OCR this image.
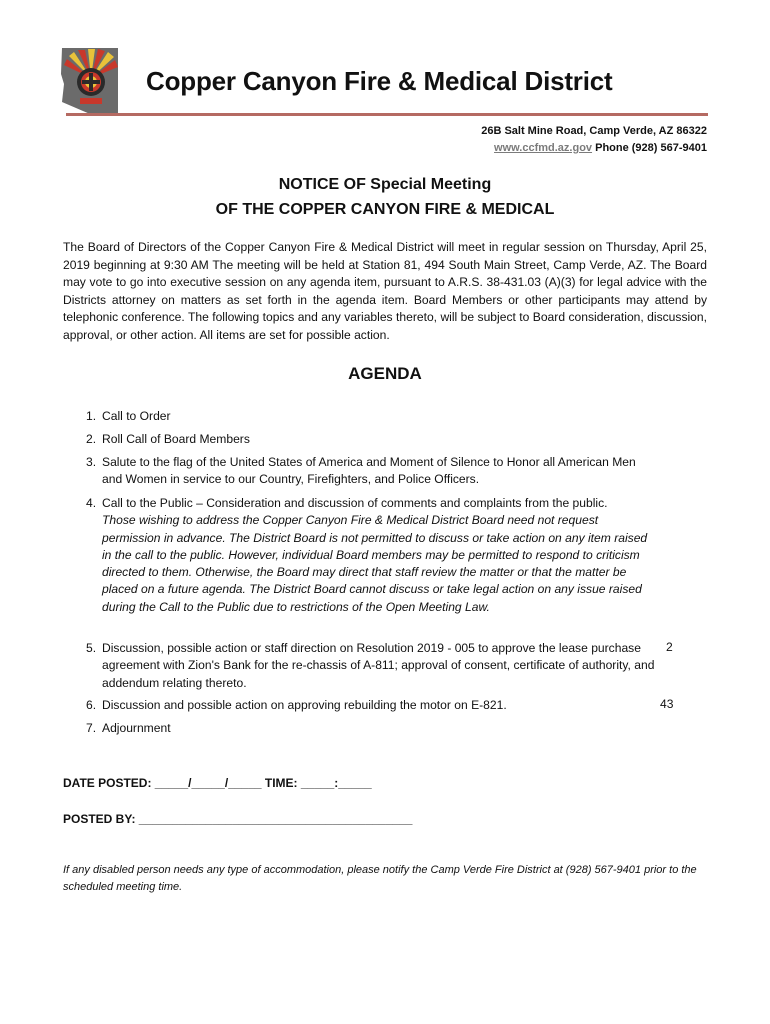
Copper Canyon Fire & Medical District
26B Salt Mine Road, Camp Verde, AZ 86322
www.ccfmd.az.gov Phone (928) 567-9401
NOTICE OF Special Meeting
OF THE COPPER CANYON FIRE & MEDICAL
The Board of Directors of the Copper Canyon Fire & Medical District will meet in regular session on Thursday, April 25, 2019 beginning at 9:30 AM The meeting will be held at Station 81, 494 South Main Street, Camp Verde, AZ. The Board may vote to go into executive session on any agenda item, pursuant to A.R.S. 38-431.03 (A)(3) for legal advice with the Districts attorney on matters as set forth in the agenda item. Board Members or other participants may attend by telephonic conference. The following topics and any variables thereto, will be subject to Board consideration, discussion, approval, or other action. All items are set for possible action.
AGENDA
1. Call to Order
2. Roll Call of Board Members
3. Salute to the flag of the United States of America and Moment of Silence to Honor all American Men and Women in service to our Country, Firefighters, and Police Officers.
4. Call to the Public – Consideration and discussion of comments and complaints from the public.
Those wishing to address the Copper Canyon Fire & Medical District Board need not request permission in advance. The District Board is not permitted to discuss or take action on any item raised in the call to the public. However, individual Board members may be permitted to respond to criticism directed to them. Otherwise, the Board may direct that staff review the matter or that the matter be placed on a future agenda. The District Board cannot discuss or take legal action on any issue raised during the Call to the Public due to restrictions of the Open Meeting Law.
5. Discussion, possible action or staff direction on Resolution 2019 - 005 to approve the lease purchase agreement with Zion's Bank for the re-chassis of A-811; approval of consent, certificate of authority, and addendum relating thereto.
2
6. Discussion and possible action on approving rebuilding the motor on E-821.	43
7. Adjournment
DATE POSTED: _____/_____/_____ TIME: _____:_____
POSTED BY: _________________________________________
If any disabled person needs any type of accommodation, please notify the Camp Verde Fire District at (928) 567-9401 prior to the scheduled meeting time.
